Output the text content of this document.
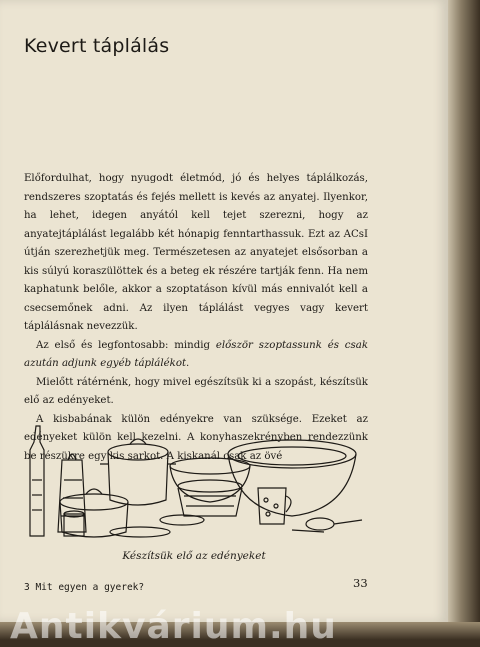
Kevert táplálás

Előfordulhat, hogy nyugodt életmód, jó és helyes táplálkozás, rendszeres szoptatás és fejés mellett is kevés az anyatej. Ilyenkor, ha lehet, idegen anyától kell tejet szerezni, hogy az anyatejtáplálást legalább két hónapig fenntarthassuk. Ezt az ACsI útján szerezhetjük meg. Természetesen az anyatejet elsősorban a kis súlyú koraszülöttek és a beteg ek részére tartják fenn. Ha nem kaphatunk belőle, akkor a szoptatáson kívül más ennivalót kell a csecsemőnek adni. Az ilyen táplálást vegyes vagy kevert táplálásnak nevezzük.

Az első és legfontosabb: mindig először szoptassunk és csak azután adjunk egyéb táplálékot.

Mielőtt rátérnénk, hogy mivel egészítsük ki a szopást, készítsük elő az edényeket.

A kisbabának külön edényekre van szüksége. Ezeket az edényeket külön kell kezelni. A konyhaszekrényben rendezzünk be részükre egy kis sarkot. A kiskanál csak az övé

Készítsük elő az edényeket
3 Mit egyen a gyerek?	33
Antikvárium.hu
